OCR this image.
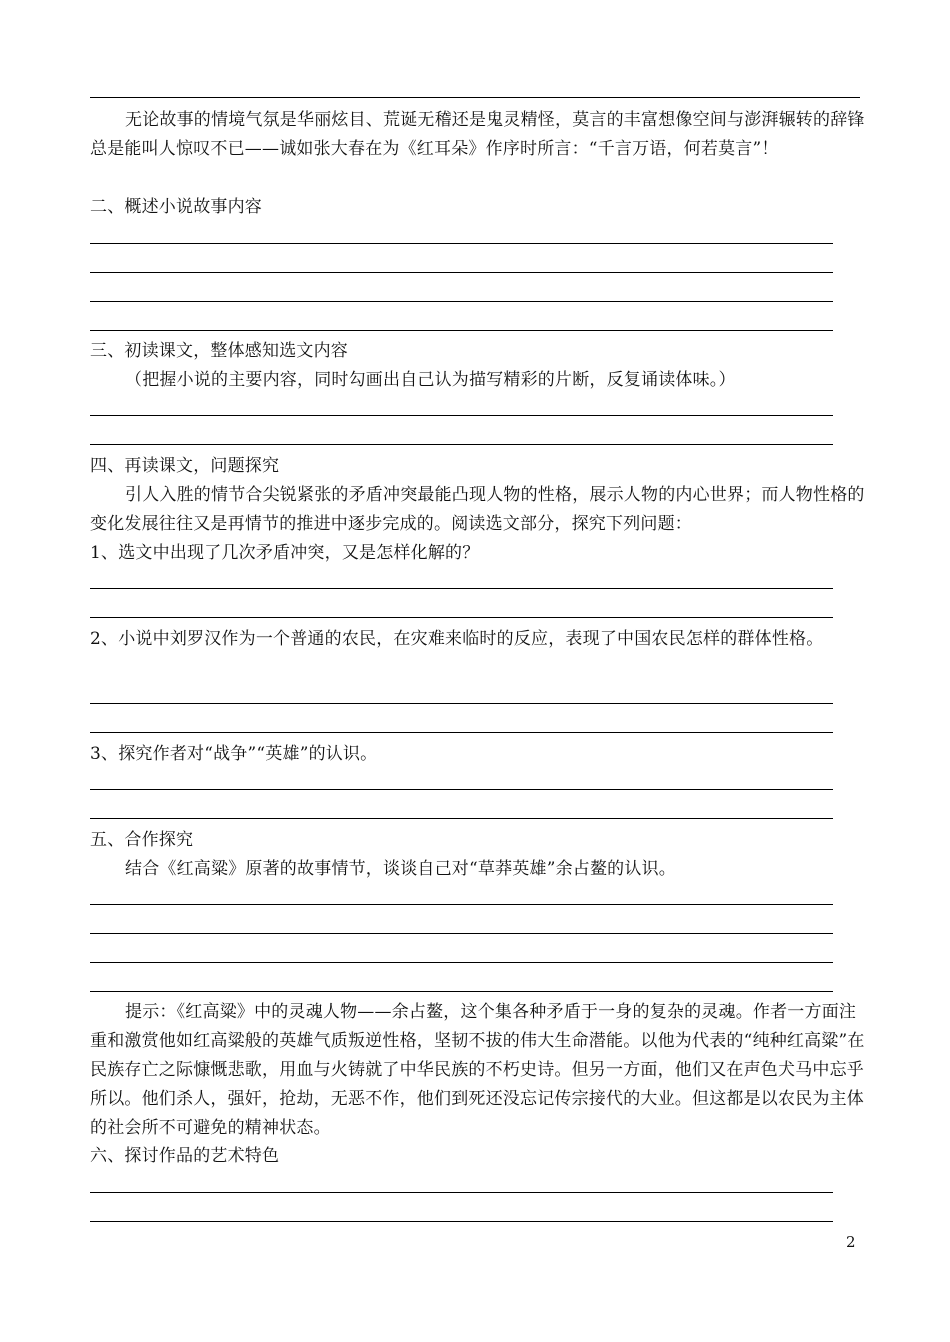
无论故事的情境气氛是华丽炫目、荒诞无稽还是鬼灵精怪，莫言的丰富想像空间与澎湃辗转的辞锋总是能叫人惊叹不已——诚如张大春在为《红耳朵》作序时所言：“千言万语，何若莫言”！

二、概述小说故事内容

三、初读课文，整体感知选文内容

（把握小说的主要内容，同时勾画出自己认为描写精彩的片断，反复诵读体味。）

四、再读课文，问题探究

引人入胜的情节合尖锐紧张的矛盾冲突最能凸现人物的性格，展示人物的内心世界；而人物性格的变化发展往往又是再情节的推进中逐步完成的。阅读选文部分，探究下列问题：

1、选文中出现了几次矛盾冲突，又是怎样化解的？

2、小说中刘罗汉作为一个普通的农民，在灾难来临时的反应，表现了中国农民怎样的群体性格。

3、探究作者对“战争”“英雄”的认识。

五、合作探究

结合《红高粱》原著的故事情节，谈谈自己对“草莽英雄”余占鳌的认识。

提示：《红高粱》中的灵魂人物——余占鳌，这个集各种矛盾于一身的复杂的灵魂。作者一方面注重和激赏他如红高粱般的英雄气质叛逆性格，坚韧不拔的伟大生命潜能。以他为代表的“纯种红高粱”在民族存亡之际慷慨悲歌，用血与火铸就了中华民族的不朽史诗。但另一方面，他们又在声色犬马中忘乎所以。他们杀人，强奸，抢劫，无恶不作，他们到死还没忘记传宗接代的大业。但这都是以农民为主体的社会所不可避免的精神状态。

六、探讨作品的艺术特色

2
